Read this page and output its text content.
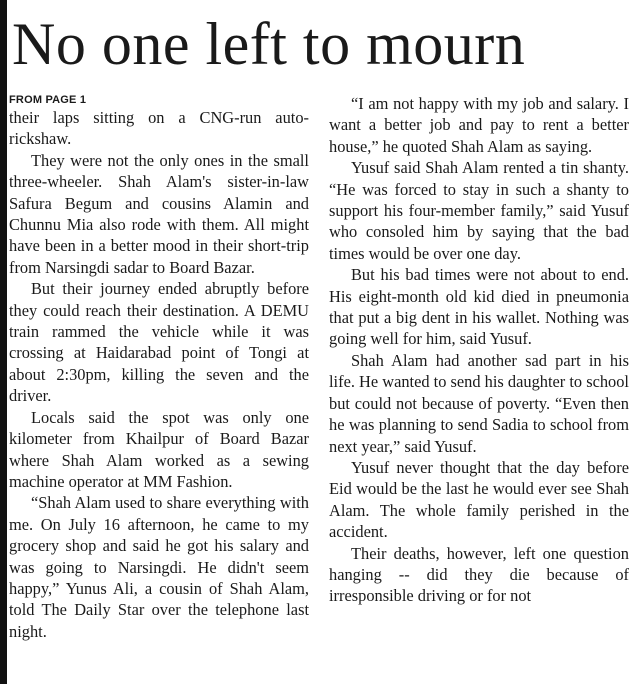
No one left to mourn
FROM PAGE 1

their laps sitting on a CNG-run auto-rickshaw.

They were not the only ones in the small three-wheeler. Shah Alam's sister-in-law Safura Begum and cousins Alamin and Chunnu Mia also rode with them. All might have been in a better mood in their short-trip from Narsingdi sadar to Board Bazar.

But their journey ended abruptly before they could reach their destination. A DEMU train rammed the vehicle while it was crossing at Haidarabad point of Tongi at about 2:30pm, killing the seven and the driver.

Locals said the spot was only one kilometer from Khailpur of Board Bazar where Shah Alam worked as a sewing machine operator at MM Fashion.

“Shah Alam used to share everything with me. On July 16 afternoon, he came to my grocery shop and said he got his salary and was going to Narsingdi. He didn't seem happy,” Yunus Ali, a cousin of Shah Alam, told The Daily Star over the telephone last night.

“I am not happy with my job and salary. I want a better job and pay to rent a better house,” he quoted Shah Alam as saying.

Yusuf said Shah Alam rented a tin shanty. “He was forced to stay in such a shanty to support his four-member family,” said Yusuf who consoled him by saying that the bad times would be over one day.

But his bad times were not about to end. His eight-month old kid died in pneumonia that put a big dent in his wallet. Nothing was going well for him, said Yusuf.

Shah Alam had another sad part in his life. He wanted to send his daughter to school but could not because of poverty. “Even then he was planning to send Sadia to school from next year,” said Yusuf.

Yusuf never thought that the day before Eid would be the last he would ever see Shah Alam. The whole family perished in the accident.

Their deaths, however, left one question hanging -- did they die because of irresponsible driving or for not
